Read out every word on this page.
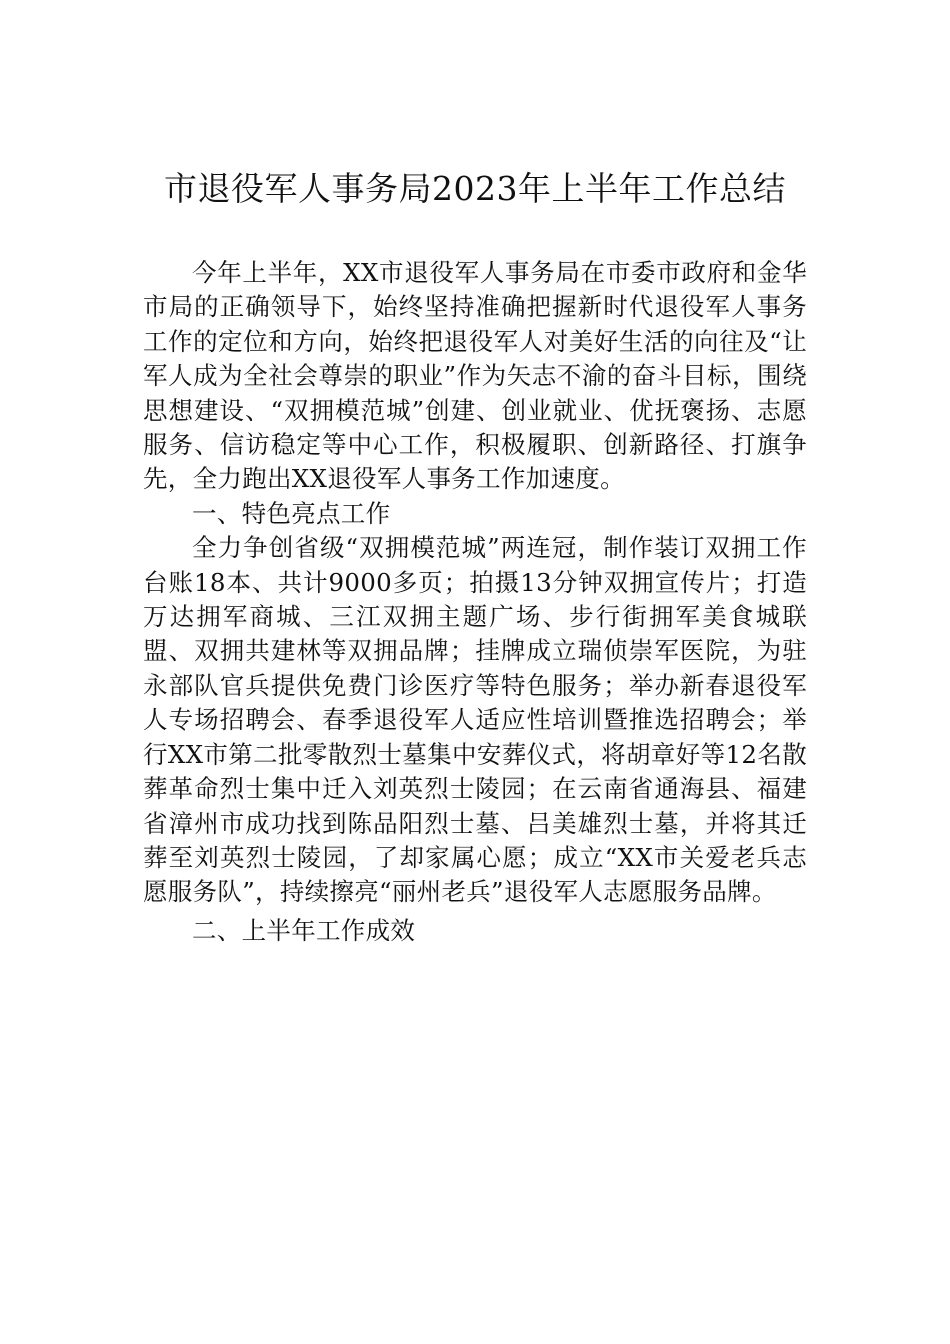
市退役军人事务局2023年上半年工作总结

今年上半年，XX市退役军人事务局在市委市政府和金华市局的正确领导下，始终坚持准确把握新时代退役军人事务工作的定位和方向，始终把退役军人对美好生活的向往及“让军人成为全社会尊崇的职业”作为矢志不渝的奋斗目标，围绕思想建设、“双拥模范城”创建、创业就业、优抚褒扬、志愿服务、信访稳定等中心工作，积极履职、创新路径、打旗争先，全力跑出XX退役军人事务工作加速度。

一、特色亮点工作

全力争创省级“双拥模范城”两连冠，制作装订双拥工作台账18本、共计9000多页；拍摄13分钟双拥宣传片；打造万达拥军商城、三江双拥主题广场、步行街拥军美食城联盟、双拥共建林等双拥品牌；挂牌成立瑞侦崇军医院，为驻永部队官兵提供免费门诊医疗等特色服务；举办新春退役军人专场招聘会、春季退役军人适应性培训暨推选招聘会；举行XX市第二批零散烈士墓集中安葬仪式，将胡章好等12名散葬革命烈士集中迁入刘英烈士陵园；在云南省通海县、福建省漳州市成功找到陈品阳烈士墓、吕美雄烈士墓，并将其迁葬至刘英烈士陵园，了却家属心愿；成立“XX市关爱老兵志愿服务队”，持续擦亮“丽州老兵”退役军人志愿服务品牌。

二、上半年工作成效
